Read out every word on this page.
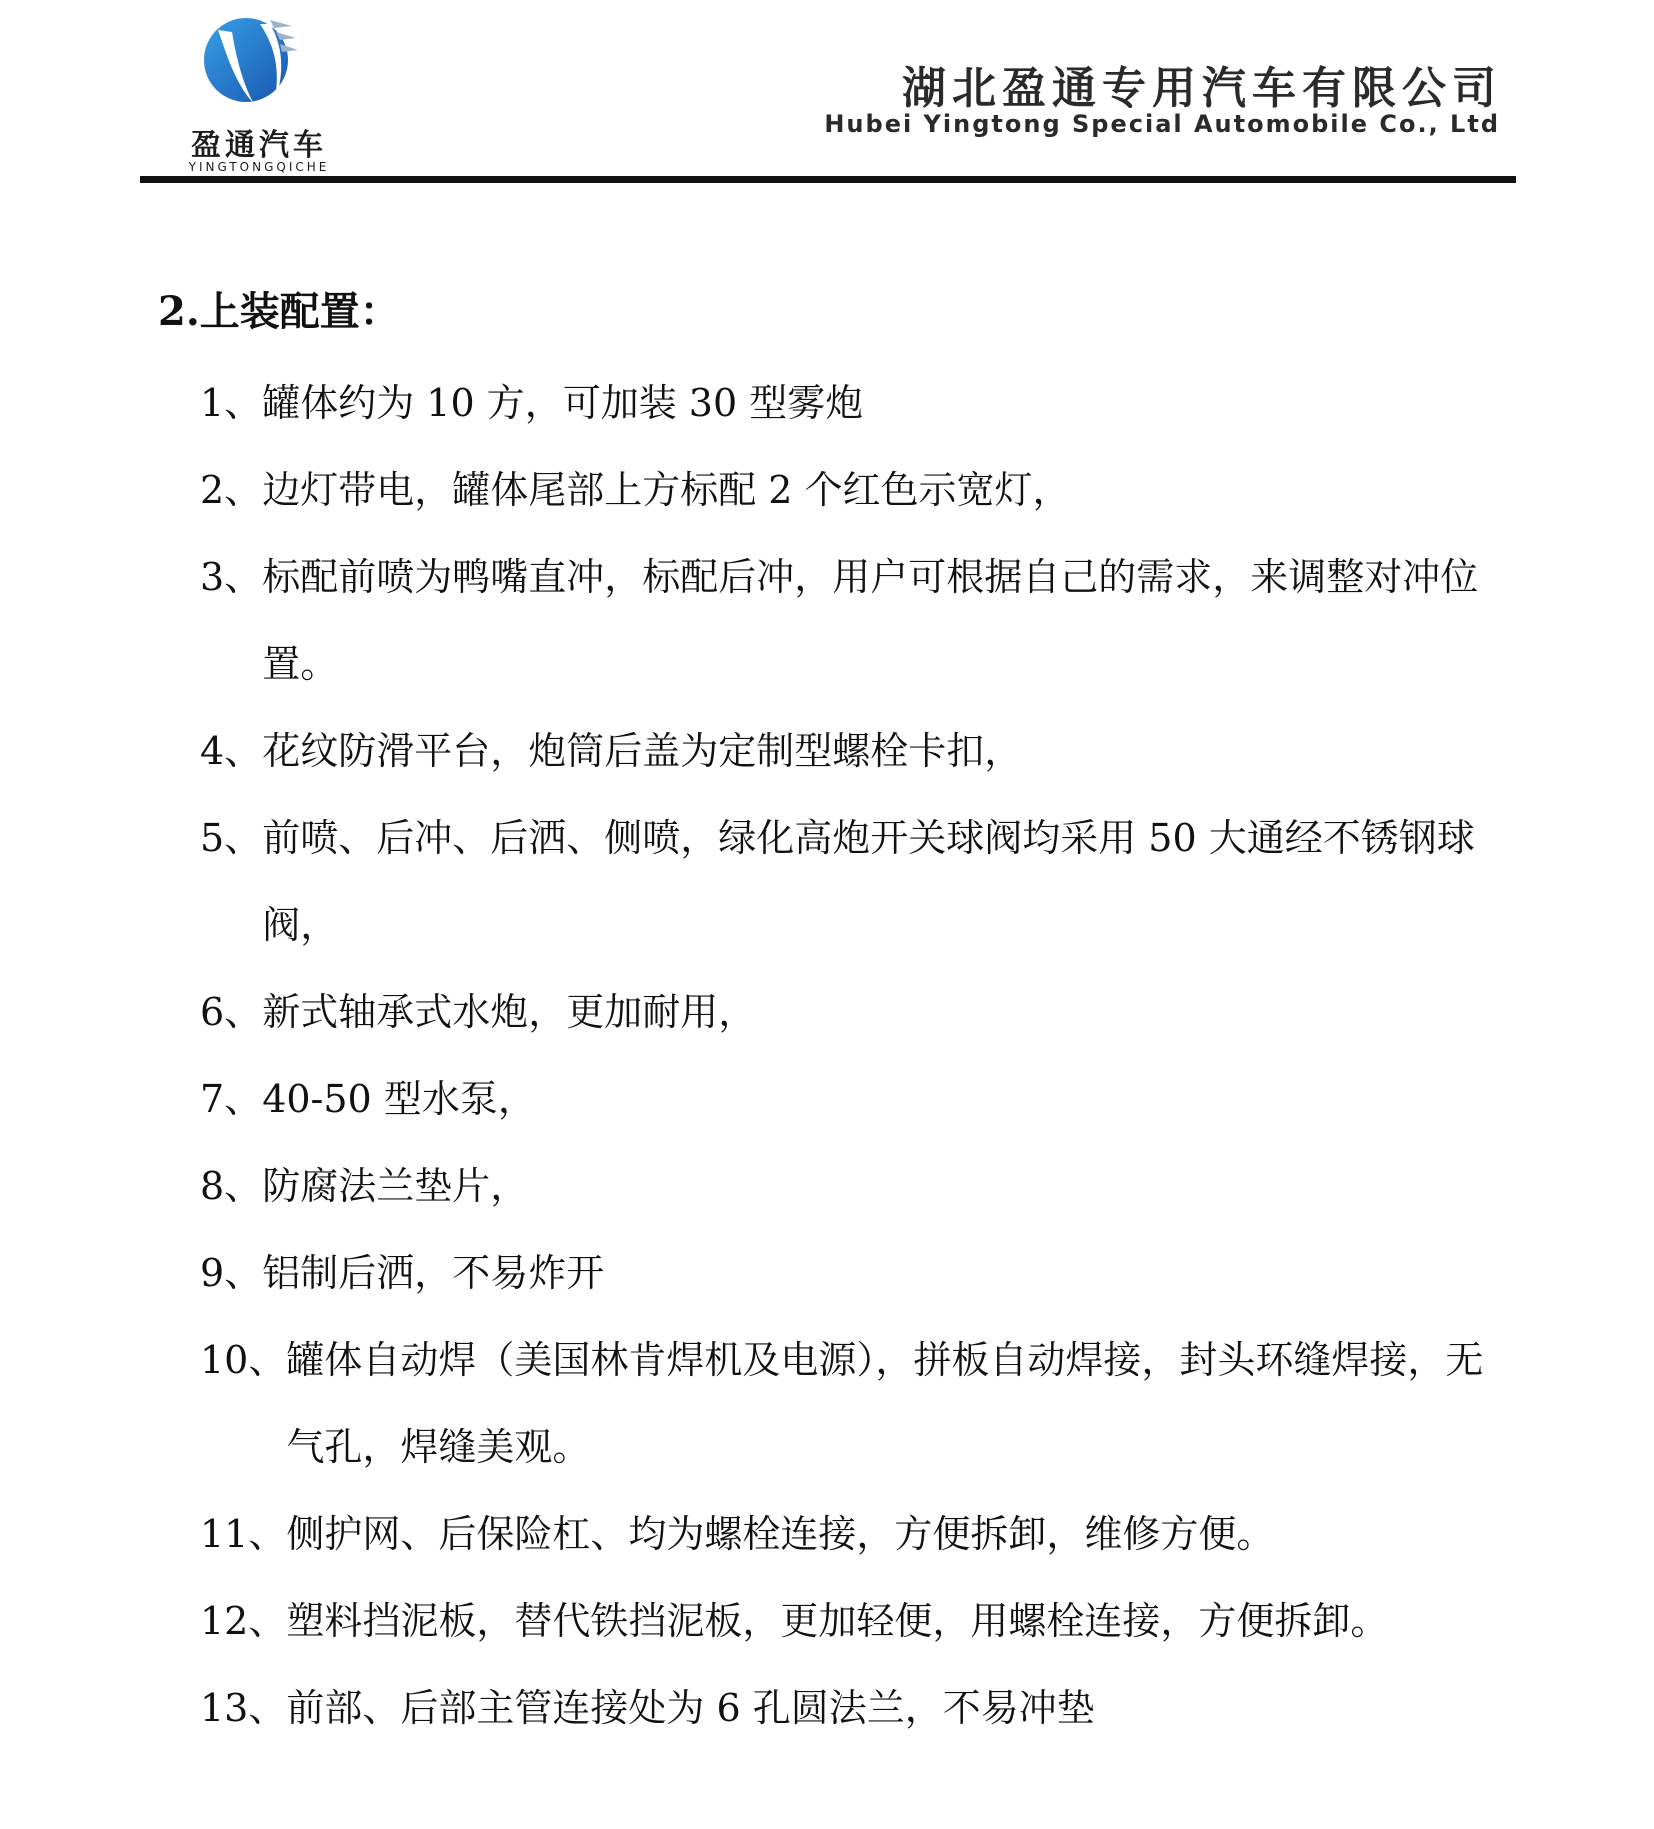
盈通汽车
YINGTONGQICHE
湖北盈通专用汽车有限公司
Hubei Yingtong Special Automobile Co., Ltd
2.上装配置：
1、 罐体约为 10 方，可加装 30 型雾炮
2、 边灯带电，罐体尾部上方标配 2 个红色示宽灯，
3、 标配前喷为鸭嘴直冲，标配后冲，用户可根据自己的需求，来调整对冲位置。
4、 花纹防滑平台，炮筒后盖为定制型螺栓卡扣，
5、 前喷、后冲、后洒、侧喷，绿化高炮开关球阀均采用 50 大通经不锈钢球阀，
6、 新式轴承式水炮，更加耐用，
7、 40-50 型水泵，
8、 防腐法兰垫片，
9、 铝制后洒，不易炸开
10、 罐体自动焊（美国林肯焊机及电源），拼板自动焊接，封头环缝焊接，无气孔，焊缝美观。
11、 侧护网、后保险杠、均为螺栓连接，方便拆卸，维修方便。
12、 塑料挡泥板，替代铁挡泥板，更加轻便，用螺栓连接，方便拆卸。
13、 前部、后部主管连接处为 6 孔圆法兰，不易冲垫
